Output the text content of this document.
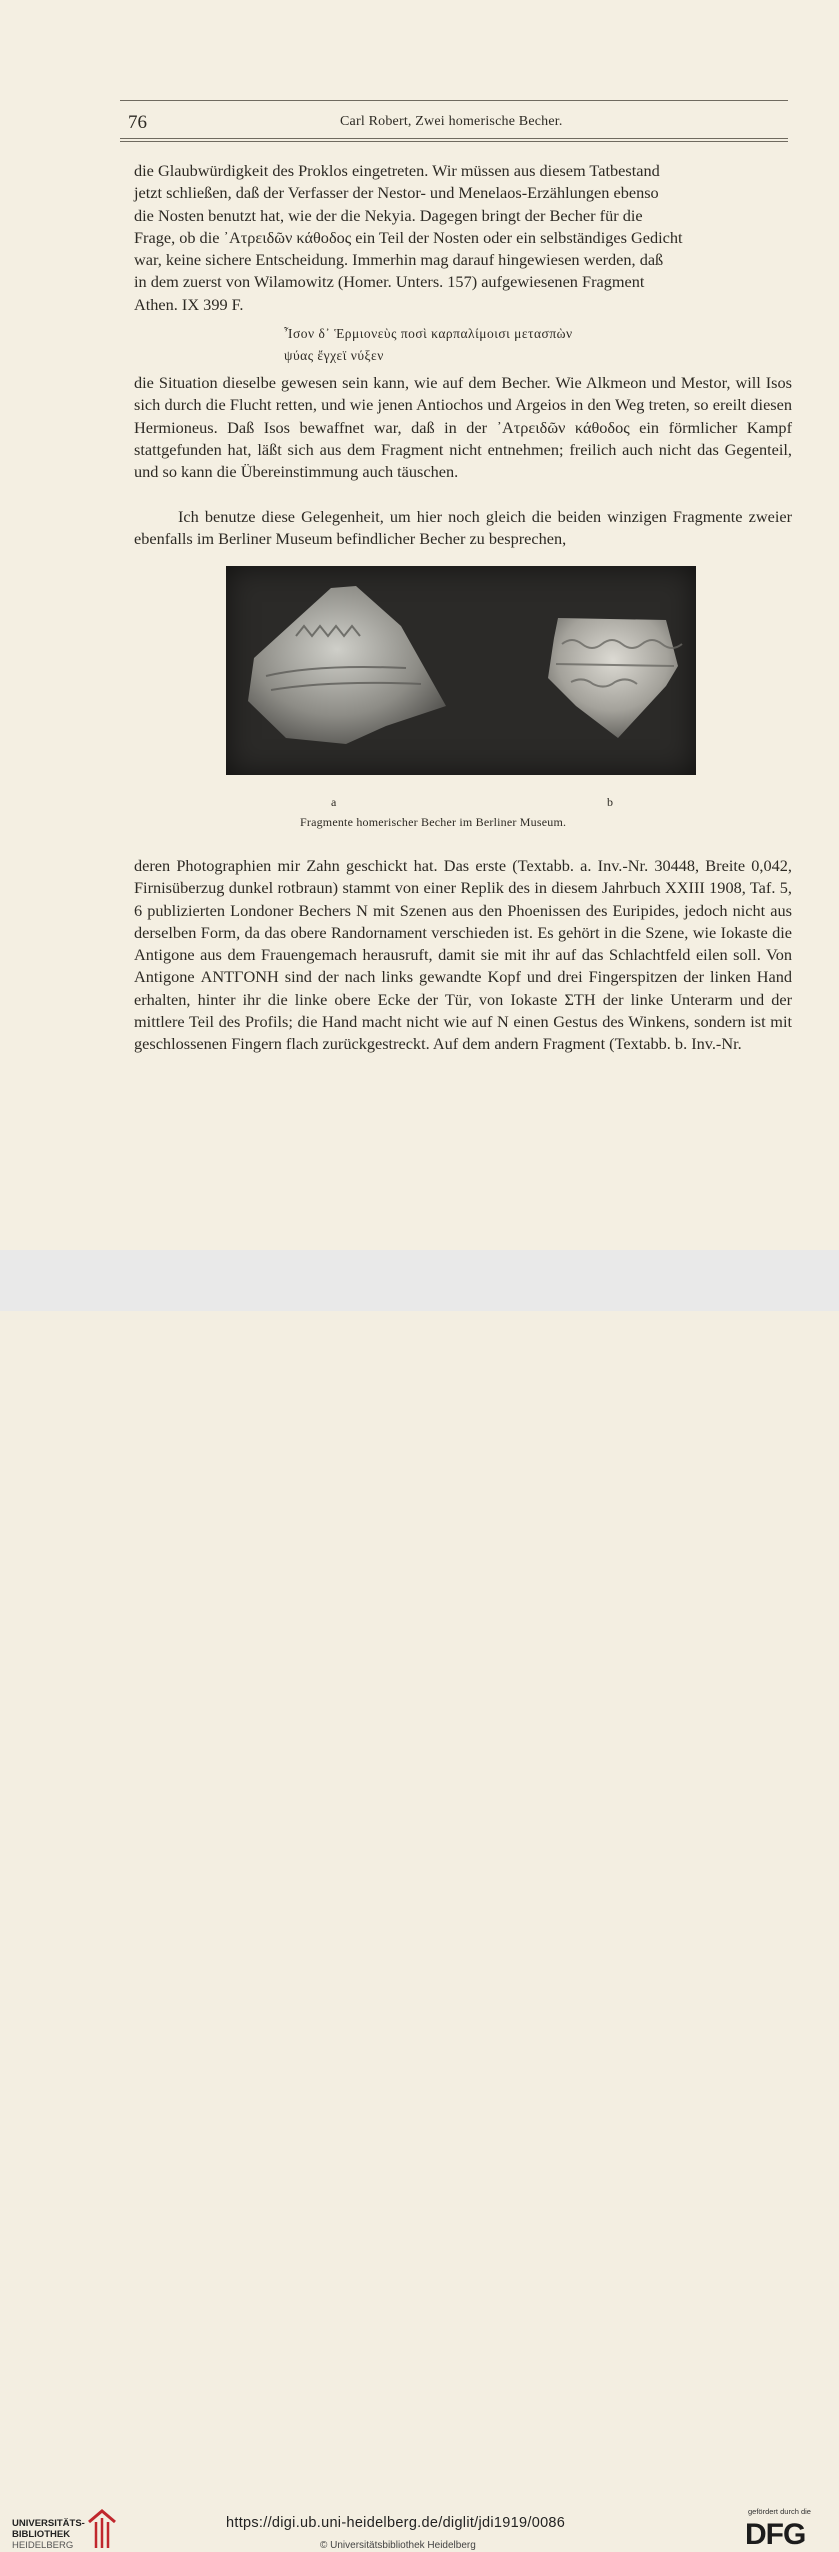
76	Carl Robert, Zwei homerische Becher.
die Glaubwürdigkeit des Proklos eingetreten. Wir müssen aus diesem Tatbestand
jetzt schließen, daß der Verfasser der Nestor- und Menelaos-Erzählungen ebenso
die Nosten benutzt hat, wie der die Nekyia. Dagegen bringt der Becher für die
Frage, ob die ᾿Ατρειδῶν κάθοδος ein Teil der Nosten oder ein selbständiges Gedicht
war, keine sichere Entscheidung. Immerhin mag darauf hingewiesen werden, daß
in dem zuerst von Wilamowitz (Homer. Unters. 157) aufgewiesenen Fragment
Athen. IX 399 F.
Ἶσον δ᾿ Ἑρμιονεὺς ποσὶ καρπαλίμοισι μετασπὼν
ψύας ἔγχεϊ νύξεν

die Situation dieselbe gewesen sein kann, wie auf dem Becher. Wie Alkmeon und Mestor, will Isos sich durch die Flucht retten, und wie jenen Antiochos und Argeios in den Weg treten, so ereilt diesen Hermioneus. Daß Isos bewaffnet war, daß in der ᾿Ατρειδῶν κάθοδος ein förmlicher Kampf stattgefunden hat, läßt sich aus dem Fragment nicht entnehmen; freilich auch nicht das Gegenteil, und so kann die Übereinstimmung auch täuschen.

Ich benutze diese Gelegenheit, um hier noch gleich die beiden winzigen Fragmente zweier ebenfalls im Berliner Museum befindlicher Becher zu besprechen,

a	b
Fragmente homerischer Becher im Berliner Museum.

deren Photographien mir Zahn geschickt hat. Das erste (Textabb. a. Inv.-Nr. 30448, Breite 0,042, Firnisüberzug dunkel rotbraun) stammt von einer Replik des in diesem Jahrbuch XXIII 1908, Taf. 5, 6 publizierten Londoner Bechers N mit Szenen aus den Phoenissen des Euripides, jedoch nicht aus derselben Form, da das obere Randornament verschieden ist. Es gehört in die Szene, wie Iokaste die Antigone aus dem Frauengemach herausruft, damit sie mit ihr auf das Schlachtfeld eilen soll. Von Antigone ΑΝΤΓΟΝΗ sind der nach links gewandte Kopf und drei Fingerspitzen der linken Hand erhalten, hinter ihr die linke obere Ecke der Tür, von Iokaste ΣΤΗ der linke Unterarm und der mittlere Teil des Profils; die Hand macht nicht wie auf N einen Gestus des Winkens, sondern ist mit geschlossenen Fingern flach zurückgestreckt. Auf dem andern Fragment (Textabb. b. Inv.-Nr.

UNIVERSITÄTS-
BIBLIOTHEK
HEIDELBERG
https://digi.ub.uni-heidelberg.de/diglit/jdi1919/0086
© Universitätsbibliothek Heidelberg
gefördert durch die
DFG
